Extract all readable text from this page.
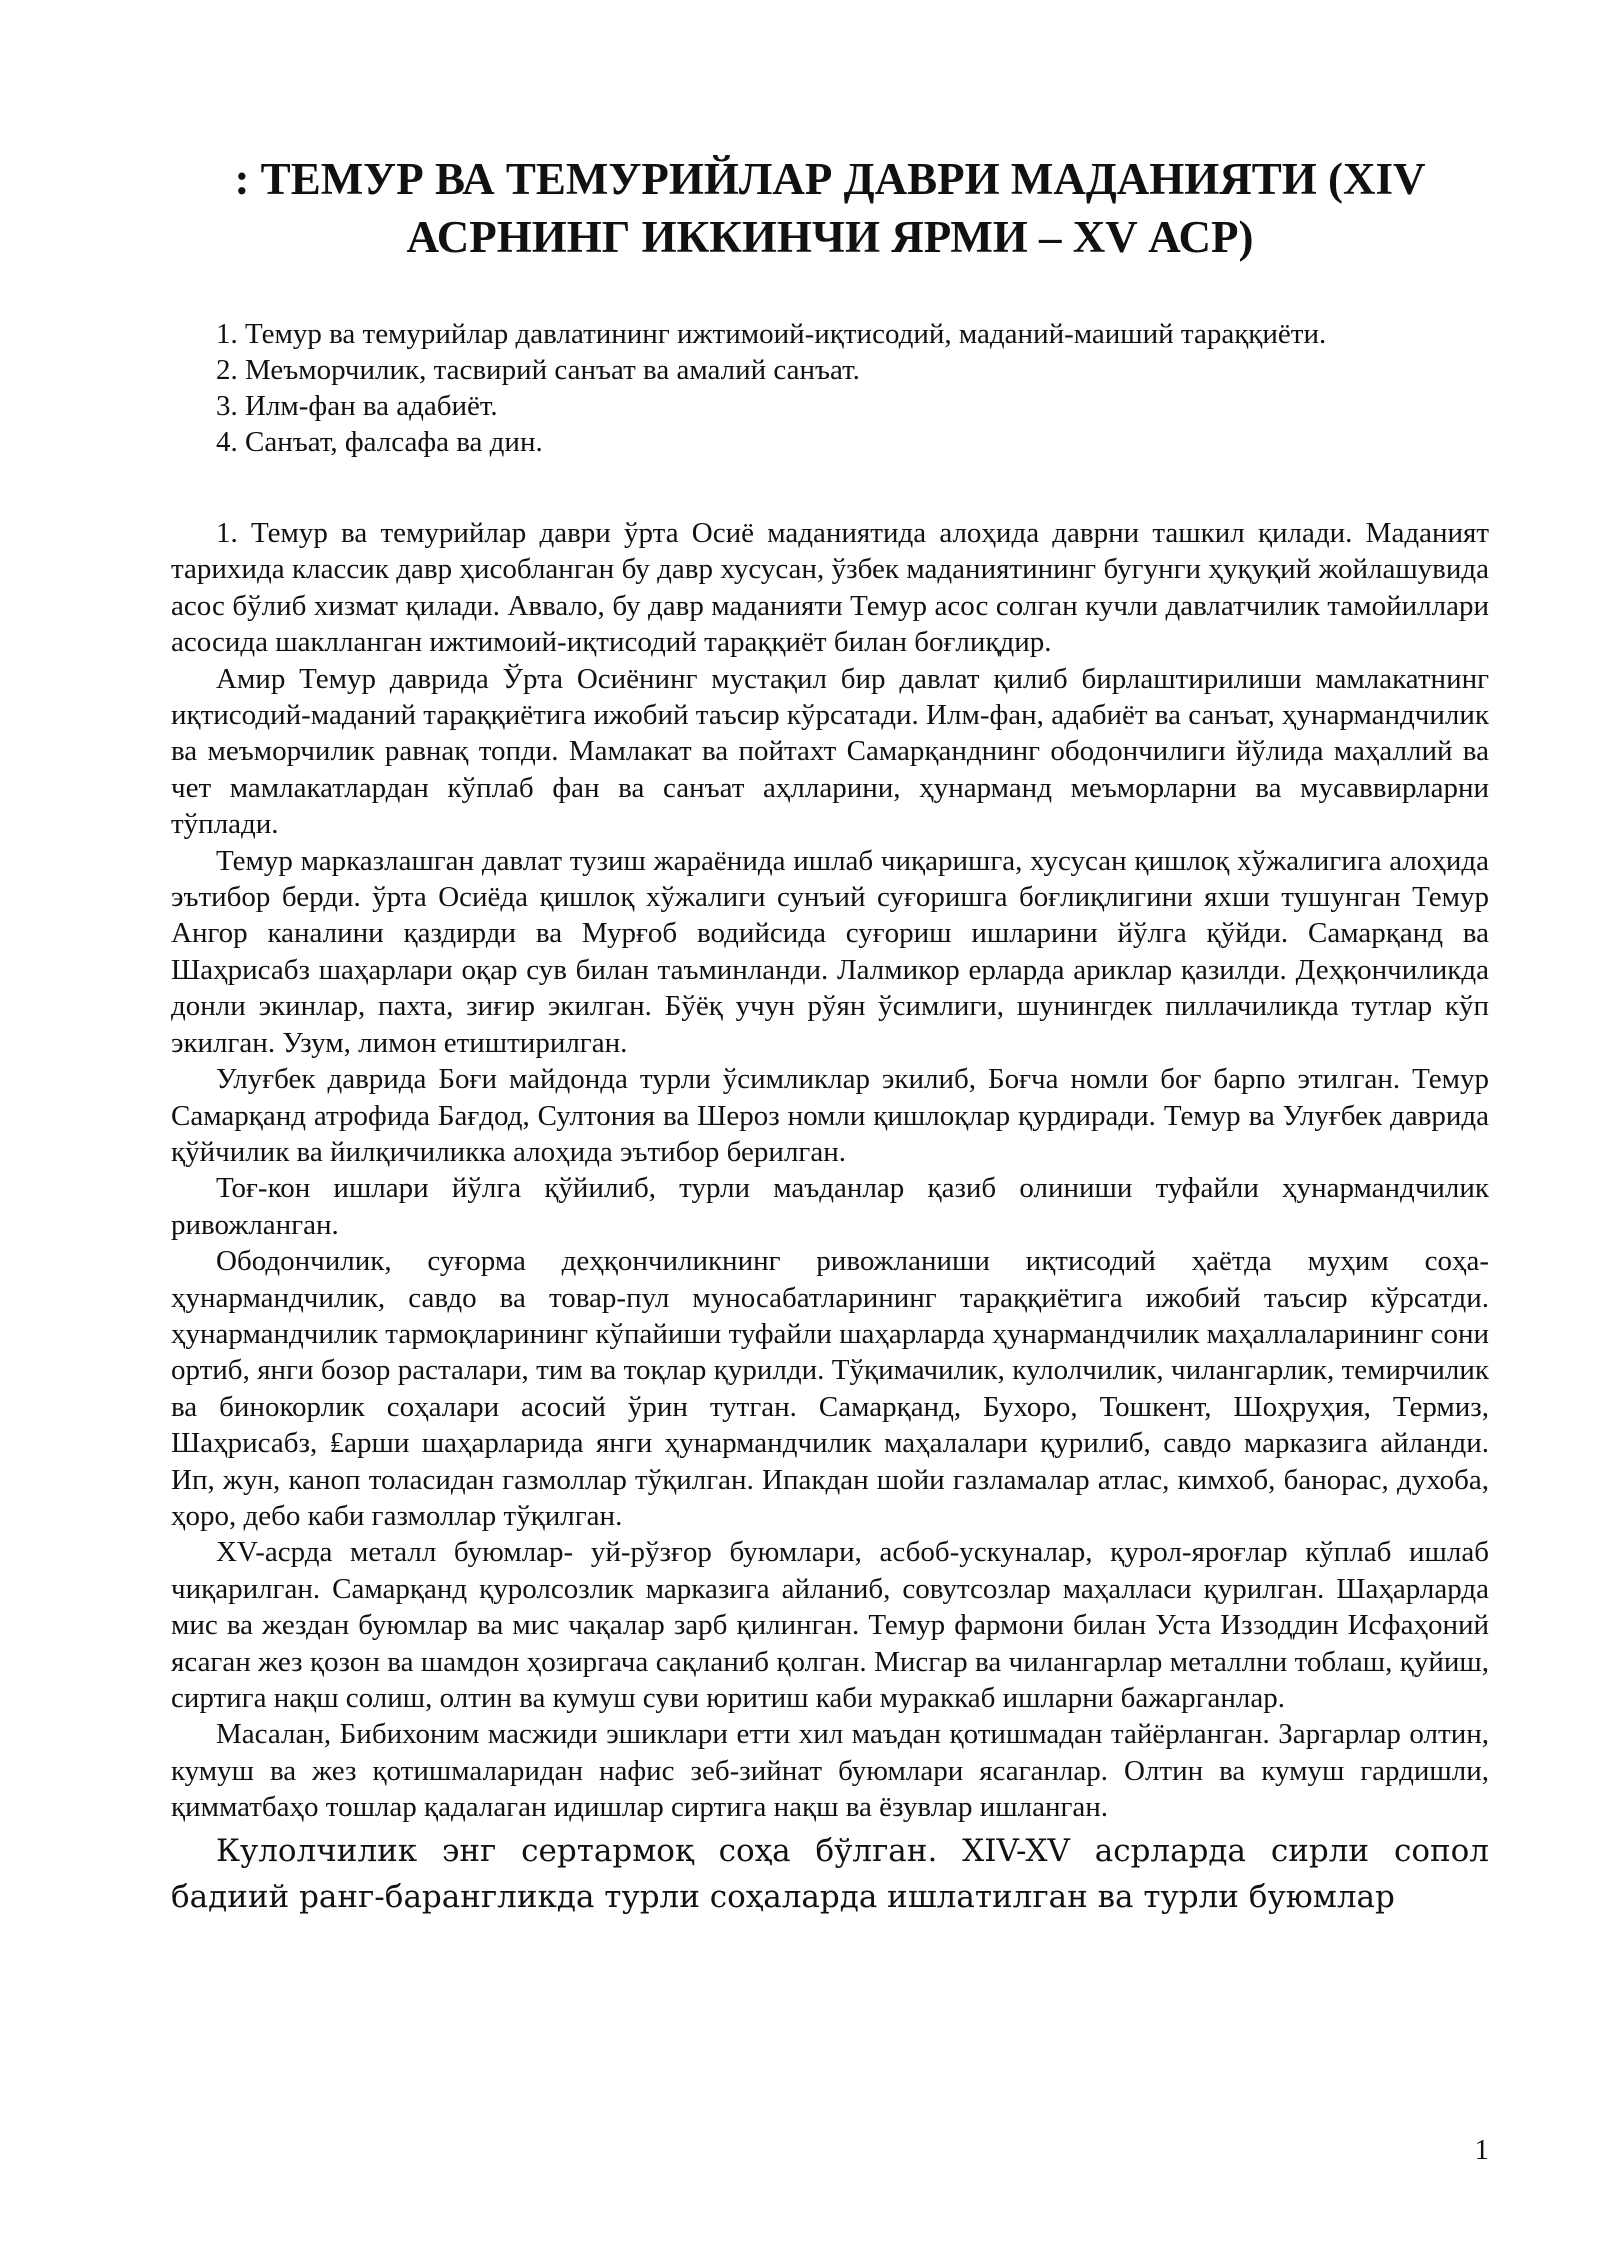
: ТЕМУР ВА ТЕМУРИЙЛАР ДАВРИ МАДАНИЯТИ (XIV
АСРНИНГ ИККИНЧИ ЯРМИ – XV АСР)
1. Темур ва темурийлар давлатининг ижтимоий-иқтисодий, маданий-маиший тараққиёти.
2. Меъморчилик, тасвирий санъат ва амалий санъат.
3. Илм-фан ва адабиёт.
4. Санъат, фалсафа ва дин.

1. Темур ва темурийлар даври ўрта Осиё маданиятида алоҳида даврни ташкил қилади. Маданият тарихида классик давр ҳисобланган бу давр хусусан, ўзбек маданиятининг бугунги ҳуқуқий жойлашувида асос бўлиб хизмат қилади. Аввало, бу давр маданияти Темур асос солган кучли давлатчилик тамойиллари асосида шаклланган ижтимоий-иқтисодий тараққиёт билан боғлиқдир.

Амир Темур даврида Ўрта Осиёнинг мустақил бир давлат қилиб бирлаштирилиши мамлакатнинг иқтисодий-маданий тараққиётига ижобий таъсир кўрсатади. Илм-фан, адабиёт ва санъат, ҳунармандчилик ва меъморчилик равнақ топди. Мамлакат ва пойтахт Самарқанднинг ободончилиги йўлида маҳаллий ва чет мамлакатлардан кўплаб фан ва санъат аҳлларини, ҳунарманд меъморларни ва мусаввирларни тўплади.

Темур марказлашган давлат тузиш жараёнида ишлаб чиқаришга, хусусан қишлоқ хўжалигига алоҳида эътибор берди. ўрта Осиёда қишлоқ хўжалиги сунъий суғоришга боғлиқлигини яхши тушунган Темур Ангор каналини қаздирди ва Мурғоб водийсида суғориш ишларини йўлга қўйди. Самарқанд ва Шаҳрисабз шаҳарлари оқар сув билан таъминланди. Лалмикор ерларда ариклар қазилди. Деҳқончиликда донли экинлар, пахта, зиғир экилган. Бўёқ учун рўян ўсимлиги, шунингдек пиллачиликда тутлар кўп экилган. Узум, лимон етиштирилган.

Улуғбек даврида Боғи майдонда турли ўсимликлар экилиб, Боғча номли боғ барпо этилган. Темур Самарқанд атрофида Бағдод, Султония ва Шероз номли қишлоқлар қурдиради. Темур ва Улуғбек даврида қўйчилик ва йилқичиликка алоҳида эътибор берилган.

Тоғ-кон ишлари йўлга қўйилиб, турли маъданлар қазиб олиниши туфайли ҳунармандчилик ривожланган.

Ободончилик, суғорма деҳқончиликнинг ривожланиши иқтисодий ҳаётда муҳим соҳа-ҳунармандчилик, савдо ва товар-пул муносабатларининг тараққиётига ижобий таъсир кўрсатди. ҳунармандчилик тармоқларининг кўпайиши туфайли шаҳарларда ҳунармандчилик маҳаллаларининг сони ортиб, янги бозор расталари, тим ва тоқлар қурилди. Тўқимачилик, кулолчилик, чилангарлик, темирчилик ва бинокорлик соҳалари асосий ўрин тутган. Самарқанд, Бухоро, Тошкент, Шоҳруҳия, Термиз, Шаҳрисабз, ₤арши шаҳарларида янги ҳунармандчилик маҳалалари қурилиб, савдо марказига айланди. Ип, жун, каноп толасидан газмоллар тўқилган. Ипакдан шойи газламалар атлас, кимхоб, банорас, духоба, ҳоро, дебо каби газмоллар тўқилган.

XV-асрда металл буюмлар- уй-рўзғор буюмлари, асбоб-ускуналар, қурол-ярoғлар кўплаб ишлаб чиқарилган. Самарқанд қуролсозлик марказига айланиб, совутсозлар маҳалласи қурилган. Шаҳарларда мис ва жездан буюмлар ва мис чақалар зарб қилинган. Темур фармони билан Уста Иззоддин Исфаҳоний ясаган жез қозон ва шамдон ҳозиргача сақланиб қолган. Мисгар ва чилангарлар металлни тоблаш, қуйиш, сиртига нақш солиш, олтин ва кумуш суви юритиш каби мураккаб ишларни бажарганлар.

Масалан, Бибихоним масжиди эшиклари етти хил маъдан қотишмадан тайёрланган. Заргарлар олтин, кумуш ва жез қотишмаларидан нафис зеб-зийнат буюмлари ясаганлар. Олтин ва кумуш гардишли, қимматбаҳо тошлар қадалаган идишлар сиртига нақш ва ёзувлар ишланган.

Кулолчилик энг сертармоқ соҳа бўлган. XIV-XV асрларда сирли сопол бадиий ранг-барангликда турли соҳаларда ишлатилган ва турли буюмлар

1
